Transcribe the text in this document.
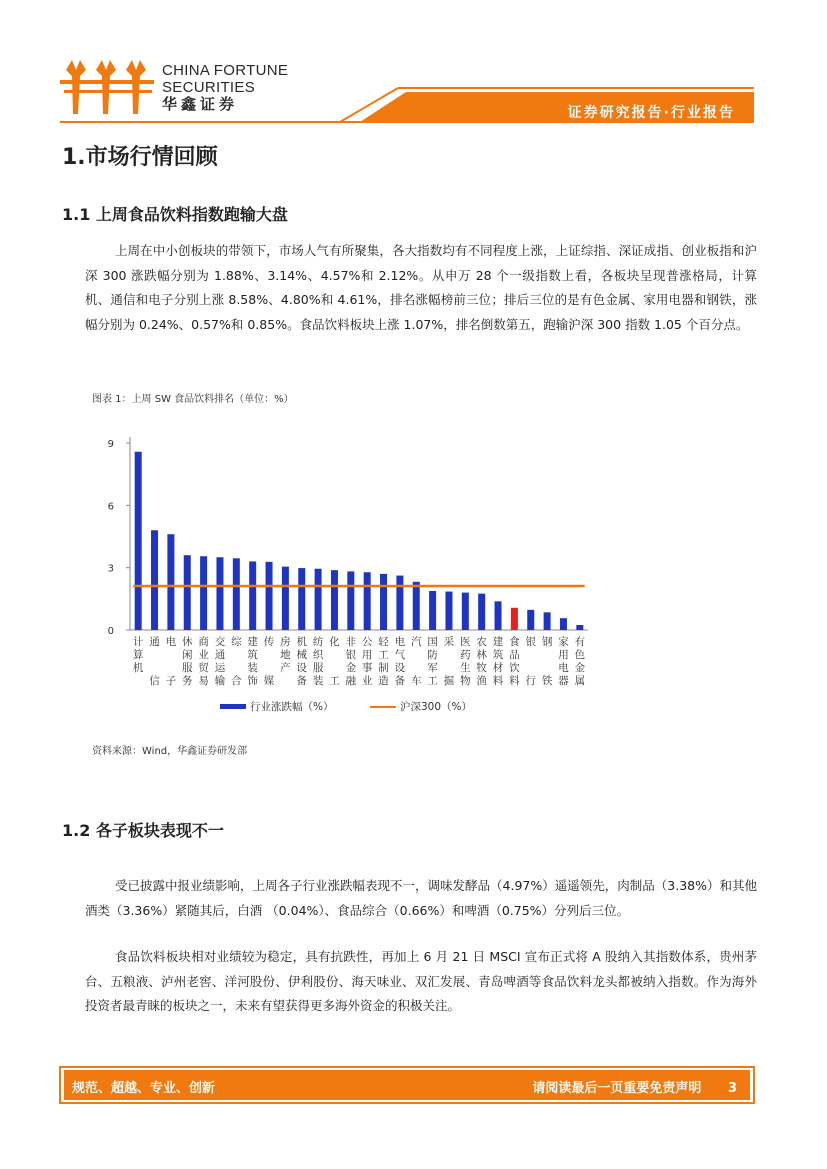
CHINA FORTUNE
SECURITIES
华鑫证券	证券研究报告·行业报告
1.市场行情回顾
1.1 上周食品饮料指数跑输大盘

上周在中小创板块的带领下，市场人气有所聚集，各大指数均有不同程度上涨，上证综指、深证成指、创业板指和沪深 300 涨跌幅分别为 1.88%、3.14%、4.57%和 2.12%。从申万 28 个一级指数上看，各板块呈现普涨格局，计算机、通信和电子分别上涨 8.58%、4.80%和 4.61%，排名涨幅榜前三位；排后三位的是有色金属、家用电器和钢铁，涨幅分别为 0.24%、0.57%和 0.85%。食品饮料板块上涨 1.07%，排名倒数第五，跑输沪深 300 指数 1.05 个百分点。

图表 1：上周 SW 食品饮料排名（单位：%）
0
3
6
9
计算机
通信
电子
休闲服务
商业贸易
交通运输
综合
建筑装饰
传媒
房地产
机械设备
纺织服装
化工
非银金融
公用事业
轻工制造
电气设备
汽车
国防军工
采掘
医药生物
农林牧渔
建筑材料
食品饮料
银行
钢铁
家用电器
有色金属
行业涨跌幅（%）	沪深300（%）
资料来源：Wind，华鑫证券研发部
1.2 各子板块表现不一

受已披露中报业绩影响，上周各子行业涨跌幅表现不一，调味发酵品（4.97%）遥遥领先，肉制品（3.38%）和其他酒类（3.36%）紧随其后，白酒 （0.04%）、食品综合（0.66%）和啤酒（0.75%）分列后三位。

食品饮料板块相对业绩较为稳定，具有抗跌性，再加上 6 月 21 日 MSCI 宣布正式将 A 股纳入其指数体系，贵州茅台、五粮液、泸州老窖、洋河股份、伊利股份、海天味业、双汇发展、青岛啤酒等食品饮料龙头都被纳入指数。作为海外投资者最青睐的板块之一，未来有望获得更多海外资金的积极关注。

规范、超越、专业、创新	请阅读最后一页重要免责声明 3
